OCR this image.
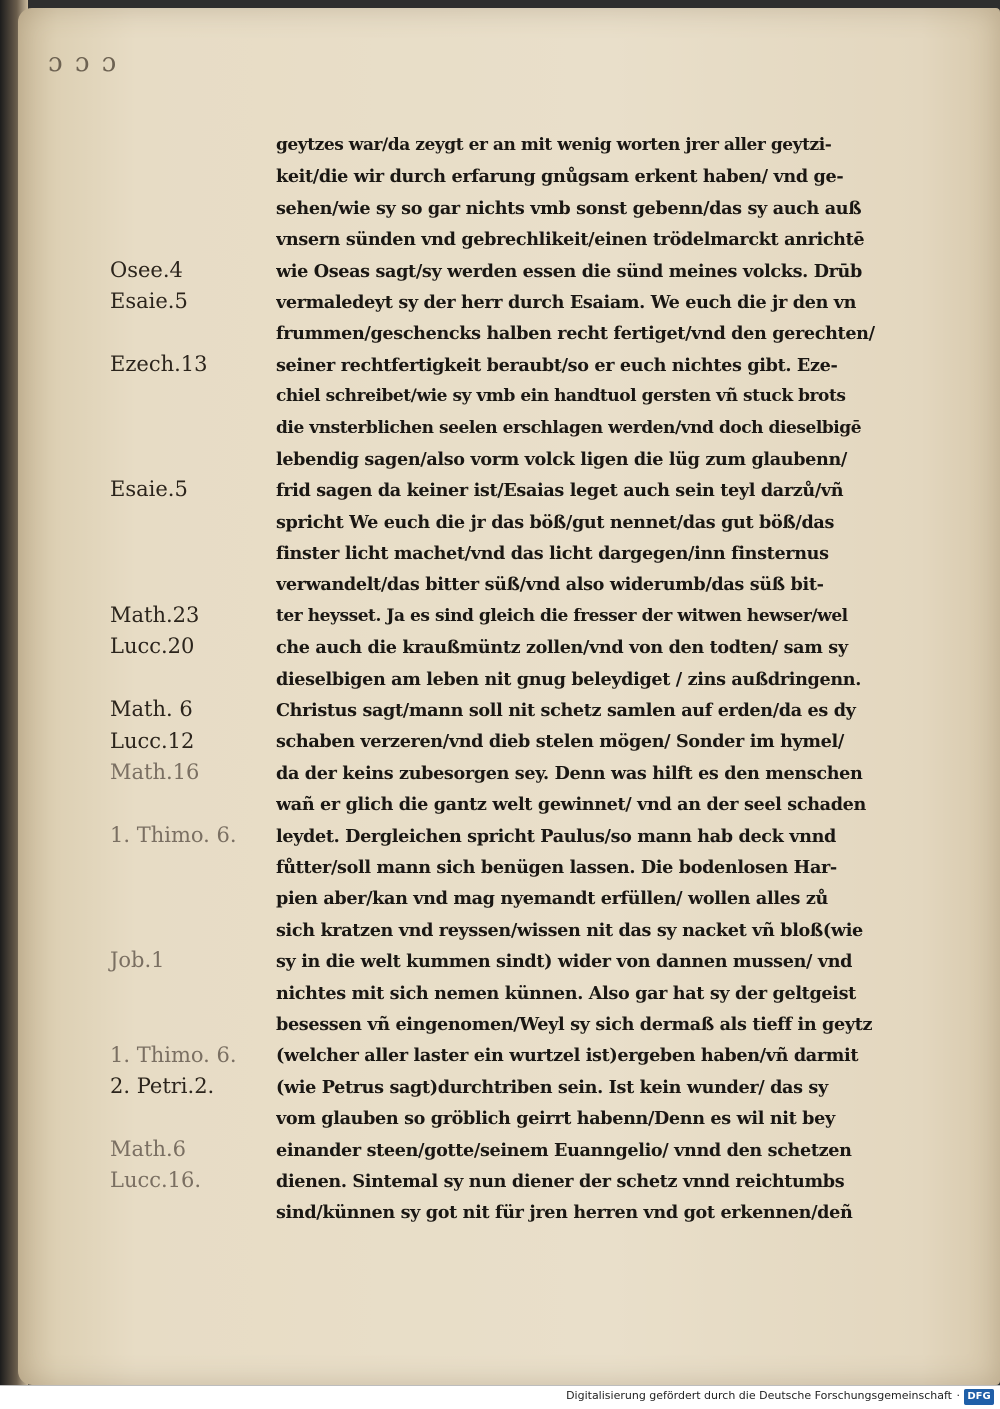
ɔ ɔ ɔ
Osee.4
Esaie.5
Ezech.13
Esaie.5
Math.23
Lucc.20
Math. 6
Lucc.12
Math.16
1. Thimo. 6.
Job.1
1. Thimo. 6.
2. Petri.2.
Math.6
Lucc.16.
geytzes war/da zeygt er an mit wenig worten jrer aller geytzi-
keit/die wir durch erfarung gnůgsam erkent haben/ vnd ge-
sehen/wie sy so gar nichts vmb sonst gebenn/das sy auch auß
vnsern sünden vnd gebrechlikeit/einen trödelmarckt anrichtē
wie Oseas sagt/sy werden essen die sünd meines volcks. Drūb
vermaledeyt sy der herr durch Esaiam. We euch die jr den vn
frummen/geschencks halben recht fertiget/vnd den gerechten/
seiner rechtfertigkeit beraubt/so er euch nichtes gibt. Eze-
chiel schreibet/wie sy vmb ein handtuol gersten vñ stuck brots
die vnsterblichen seelen erschlagen werden/vnd doch dieselbigē
lebendig sagen/also vorm volck ligen die lüg zum glaubenn/
frid sagen da keiner ist/Esaias leget auch sein teyl darzů/vñ
spricht We euch die jr das böß/gut nennet/das gut böß/das
finster licht machet/vnd das licht dargegen/inn finsternus
verwandelt/das bitter süß/vnd also widerumb/das süß bit-
ter heysset. Ja es sind gleich die fresser der witwen hewser/wel
che auch die kraußmüntz zollen/vnd von den todten/ sam sy
dieselbigen am leben nit gnug beleydiget / zins außdringenn.
Christus sagt/mann soll nit schetz samlen auf erden/da es dy
schaben verzeren/vnd dieb stelen mögen/ Sonder im hymel/
da der keins zubesorgen sey. Denn was hilft es den menschen
wañ er glich die gantz welt gewinnet/ vnd an der seel schaden
leydet. Dergleichen spricht Paulus/so mann hab deck vnnd
fůtter/soll mann sich benügen lassen. Die bodenlosen Har-
pien aber/kan vnd mag nyemandt erfüllen/ wollen alles zů
sich kratzen vnd reyssen/wissen nit das sy nacket vñ bloß(wie
sy in die welt kummen sindt) wider von dannen mussen/ vnd
nichtes mit sich nemen künnen. Also gar hat sy der geltgeist
besessen vñ eingenomen/Weyl sy sich dermaß als tieff in geytz
(welcher aller laster ein wurtzel ist)ergeben haben/vñ darmit
(wie Petrus sagt)durchtriben sein. Ist kein wunder/ das sy
vom glauben so gröblich geirrt habenn/Denn es wil nit bey
einander steen/gotte/seinem Euanngelio/ vnnd den schetzen
dienen. Sintemal sy nun diener der schetz vnnd reichtumbs
sind/künnen sy got nit für jren herren vnd got erkennen/deñ
Digitalisierung gefördert durch die Deutsche Forschungsgemeinschaft · DFG
